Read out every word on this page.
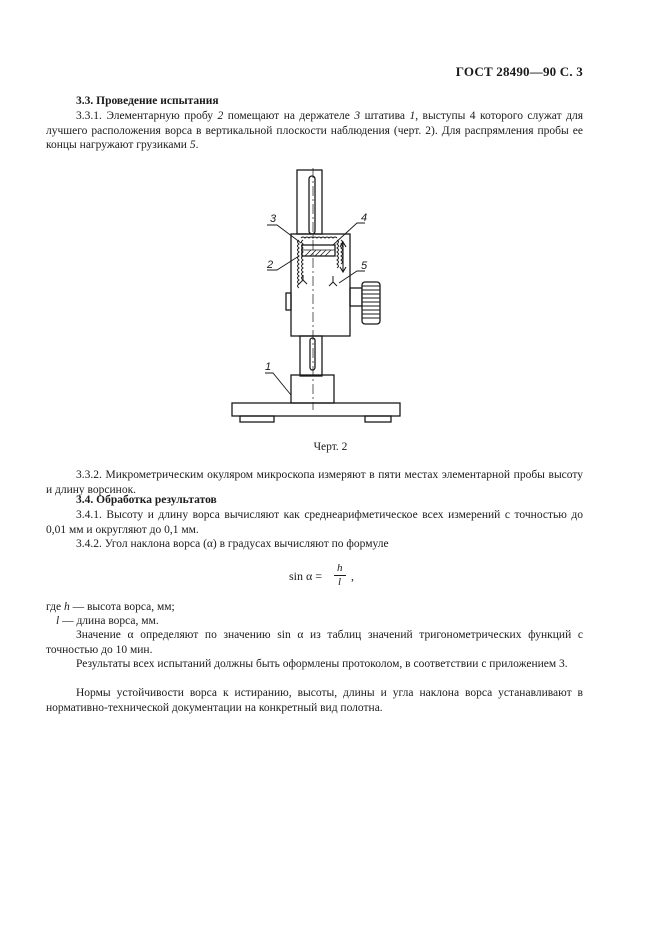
ГОСТ 28490—90 С. 3
3.3. Проведение испытания

3.3.1. Элементарную пробу 2 помещают на держателе 3 штатива 1, выступы 4 которого служат для лучшего расположения ворса в вертикальной плоскости наблюдения (черт. 2). Для распрямления пробы ее концы нагружают грузиками 5.

3	4
2	5
1
Черт. 2

3.3.2. Микрометрическим окуляром микроскопа измеряют в пяти местах элементарной пробы высоту и длину ворсинок.

3.4. Обработка результатов

3.4.1. Высоту и длину ворса вычисляют как среднеарифметическое всех измерений с точностью до 0,01 мм и округляют до 0,1 мм.

3.4.2. Угол наклона ворса (α) в градусах вычисляют по формуле

sin α =
h
l ,

где h — высота ворса, мм;

l — длина ворса, мм.

Значение α определяют по значению sin α из таблиц значений тригонометрических функций с точностью до 10 мин.

Результаты всех испытаний должны быть оформлены протоколом, в соответствии с приложением 3.

Нормы устойчивости ворса к истиранию, высоты, длины и угла наклона ворса устанавливают в нормативно-технической документации на конкретный вид полотна.
